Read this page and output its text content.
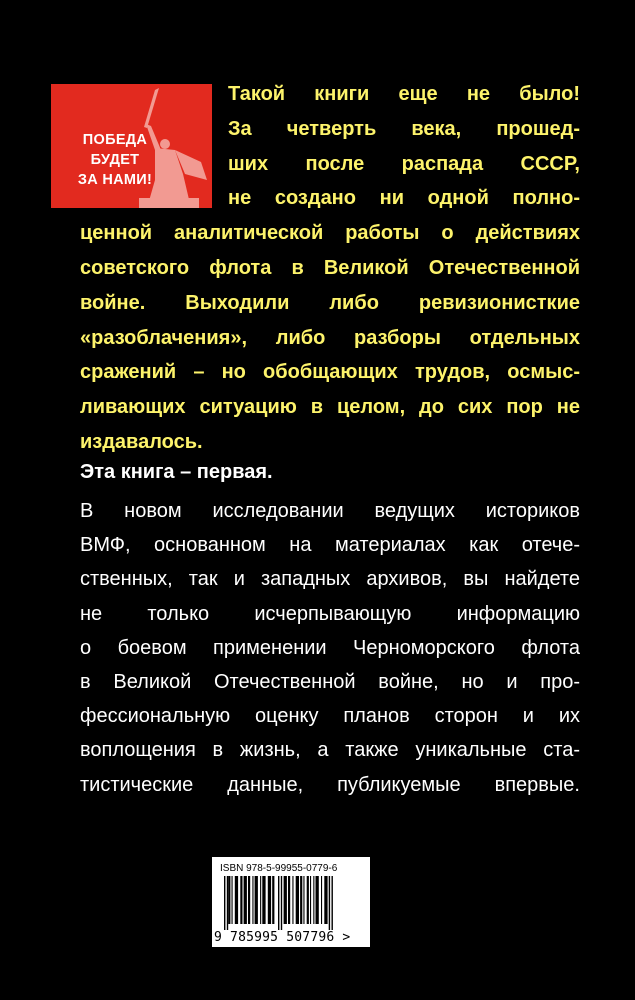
ПОБЕДА
БУДЕТ
ЗА НАМИ!
Такой книги еще не было!
За четверть века, прошед-
ших после распада СССР,
не создано ни одной полно-
ценной аналитической работы о действиях
советского флота в Великой Отечественной
войне. Выходили либо ревизионисткие
«разоблачения», либо разборы отдельных
сражений – но обобщающих трудов, осмыс-
ливающих ситуацию в целом, до сих пор не
издавалось.
Эта книга – первая.
В новом исследовании ведущих историков
ВМФ, основанном на материалах как отече-
ственных, так и западных архивов, вы найдете
не только исчерпывающую информацию
о боевом применении Черноморского флота
в Великой Отечественной войне, но и про-
фессиональную оценку планов сторон и их
воплощения в жизнь, а также уникальные ста-
тистические данные, публикуемые впервые.
ISBN 978-5-99955-0779-6
9 785995 507796 >
